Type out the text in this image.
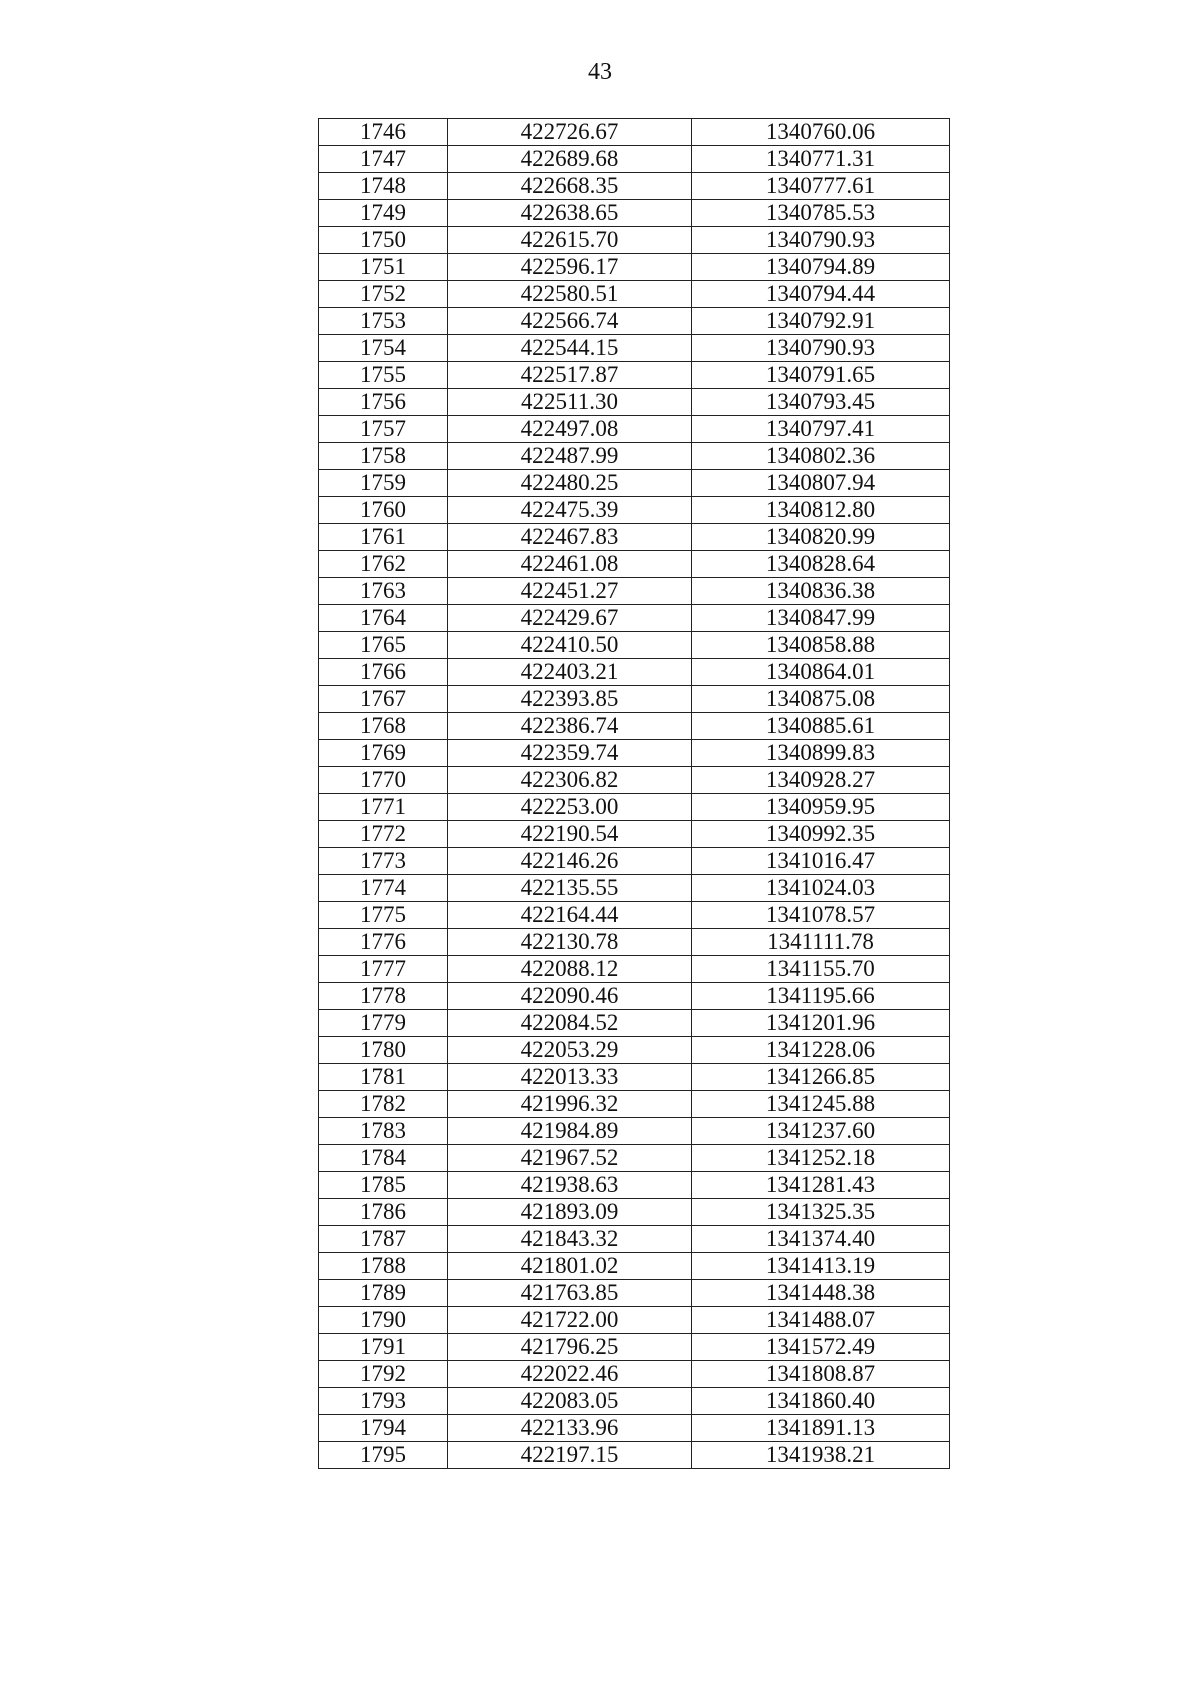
43
1746	422726.67	1340760.06
1747	422689.68	1340771.31
1748	422668.35	1340777.61
1749	422638.65	1340785.53
1750	422615.70	1340790.93
1751	422596.17	1340794.89
1752	422580.51	1340794.44
1753	422566.74	1340792.91
1754	422544.15	1340790.93
1755	422517.87	1340791.65
1756	422511.30	1340793.45
1757	422497.08	1340797.41
1758	422487.99	1340802.36
1759	422480.25	1340807.94
1760	422475.39	1340812.80
1761	422467.83	1340820.99
1762	422461.08	1340828.64
1763	422451.27	1340836.38
1764	422429.67	1340847.99
1765	422410.50	1340858.88
1766	422403.21	1340864.01
1767	422393.85	1340875.08
1768	422386.74	1340885.61
1769	422359.74	1340899.83
1770	422306.82	1340928.27
1771	422253.00	1340959.95
1772	422190.54	1340992.35
1773	422146.26	1341016.47
1774	422135.55	1341024.03
1775	422164.44	1341078.57
1776	422130.78	1341111.78
1777	422088.12	1341155.70
1778	422090.46	1341195.66
1779	422084.52	1341201.96
1780	422053.29	1341228.06
1781	422013.33	1341266.85
1782	421996.32	1341245.88
1783	421984.89	1341237.60
1784	421967.52	1341252.18
1785	421938.63	1341281.43
1786	421893.09	1341325.35
1787	421843.32	1341374.40
1788	421801.02	1341413.19
1789	421763.85	1341448.38
1790	421722.00	1341488.07
1791	421796.25	1341572.49
1792	422022.46	1341808.87
1793	422083.05	1341860.40
1794	422133.96	1341891.13
1795	422197.15	1341938.21
